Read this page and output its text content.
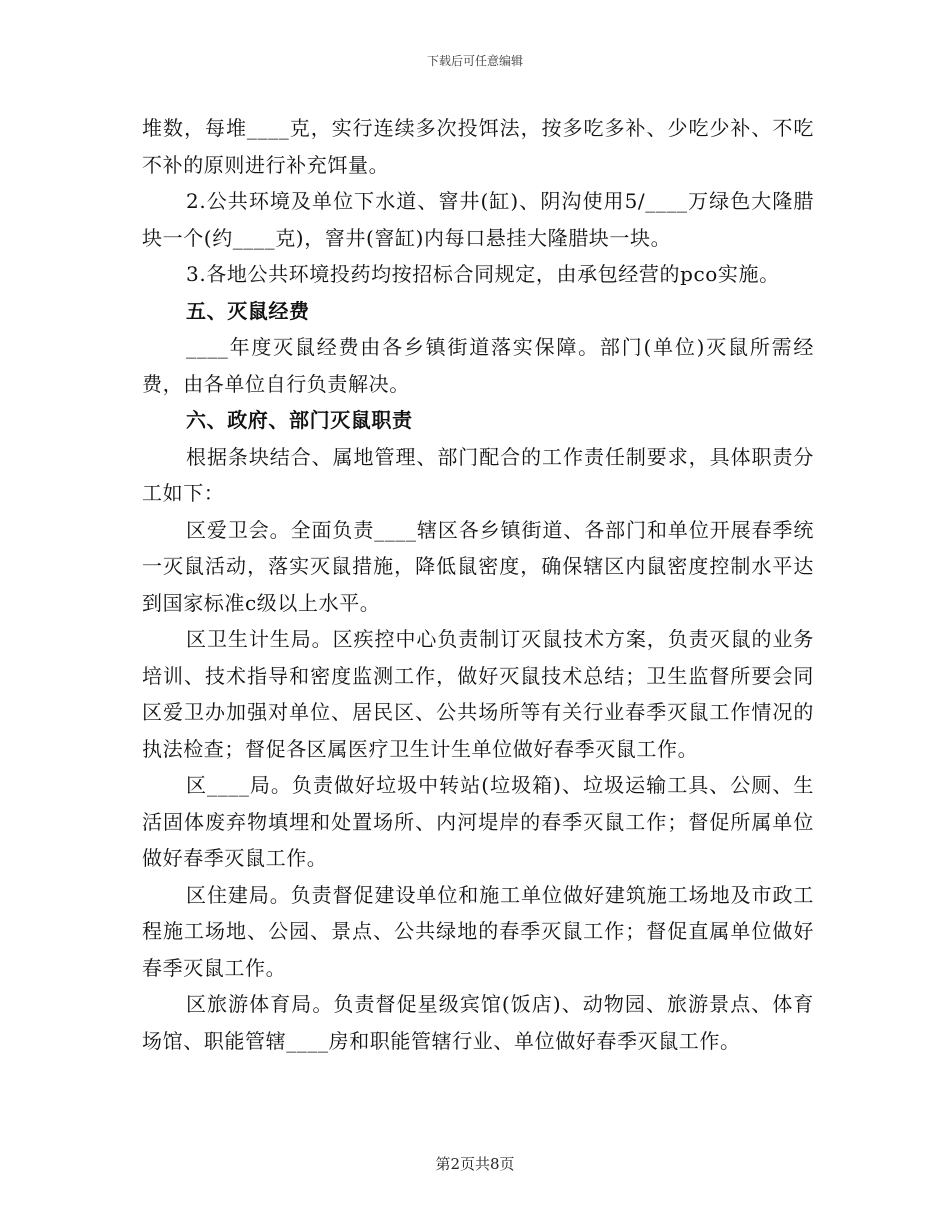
下载后可任意编辑

堆数，每堆____克，实行连续多次投饵法，按多吃多补、少吃少补、不吃不补的原则进行补充饵量。

2.公共环境及单位下水道、窨井(缸)、阴沟使用5/____万绿色大隆腊块一个(约____克)，窨井(窨缸)内每口悬挂大隆腊块一块。

3.各地公共环境投药均按招标合同规定，由承包经营的pco实施。

五、灭鼠经费

____年度灭鼠经费由各乡镇街道落实保障。部门(单位)灭鼠所需经费，由各单位自行负责解决。

六、政府、部门灭鼠职责

根据条块结合、属地管理、部门配合的工作责任制要求，具体职责分工如下：

区爱卫会。全面负责____辖区各乡镇街道、各部门和单位开展春季统一灭鼠活动，落实灭鼠措施，降低鼠密度，确保辖区内鼠密度控制水平达到国家标准c级以上水平。

区卫生计生局。区疾控中心负责制订灭鼠技术方案，负责灭鼠的业务培训、技术指导和密度监测工作，做好灭鼠技术总结；卫生监督所要会同区爱卫办加强对单位、居民区、公共场所等有关行业春季灭鼠工作情况的执法检查；督促各区属医疗卫生计生单位做好春季灭鼠工作。

区____局。负责做好垃圾中转站(垃圾箱)、垃圾运输工具、公厕、生活固体废弃物填埋和处置场所、内河堤岸的春季灭鼠工作；督促所属单位做好春季灭鼠工作。

区住建局。负责督促建设单位和施工单位做好建筑施工场地及市政工程施工场地、公园、景点、公共绿地的春季灭鼠工作；督促直属单位做好春季灭鼠工作。

区旅游体育局。负责督促星级宾馆(饭店)、动物园、旅游景点、体育场馆、职能管辖____房和职能管辖行业、单位做好春季灭鼠工作。

第2页共8页
